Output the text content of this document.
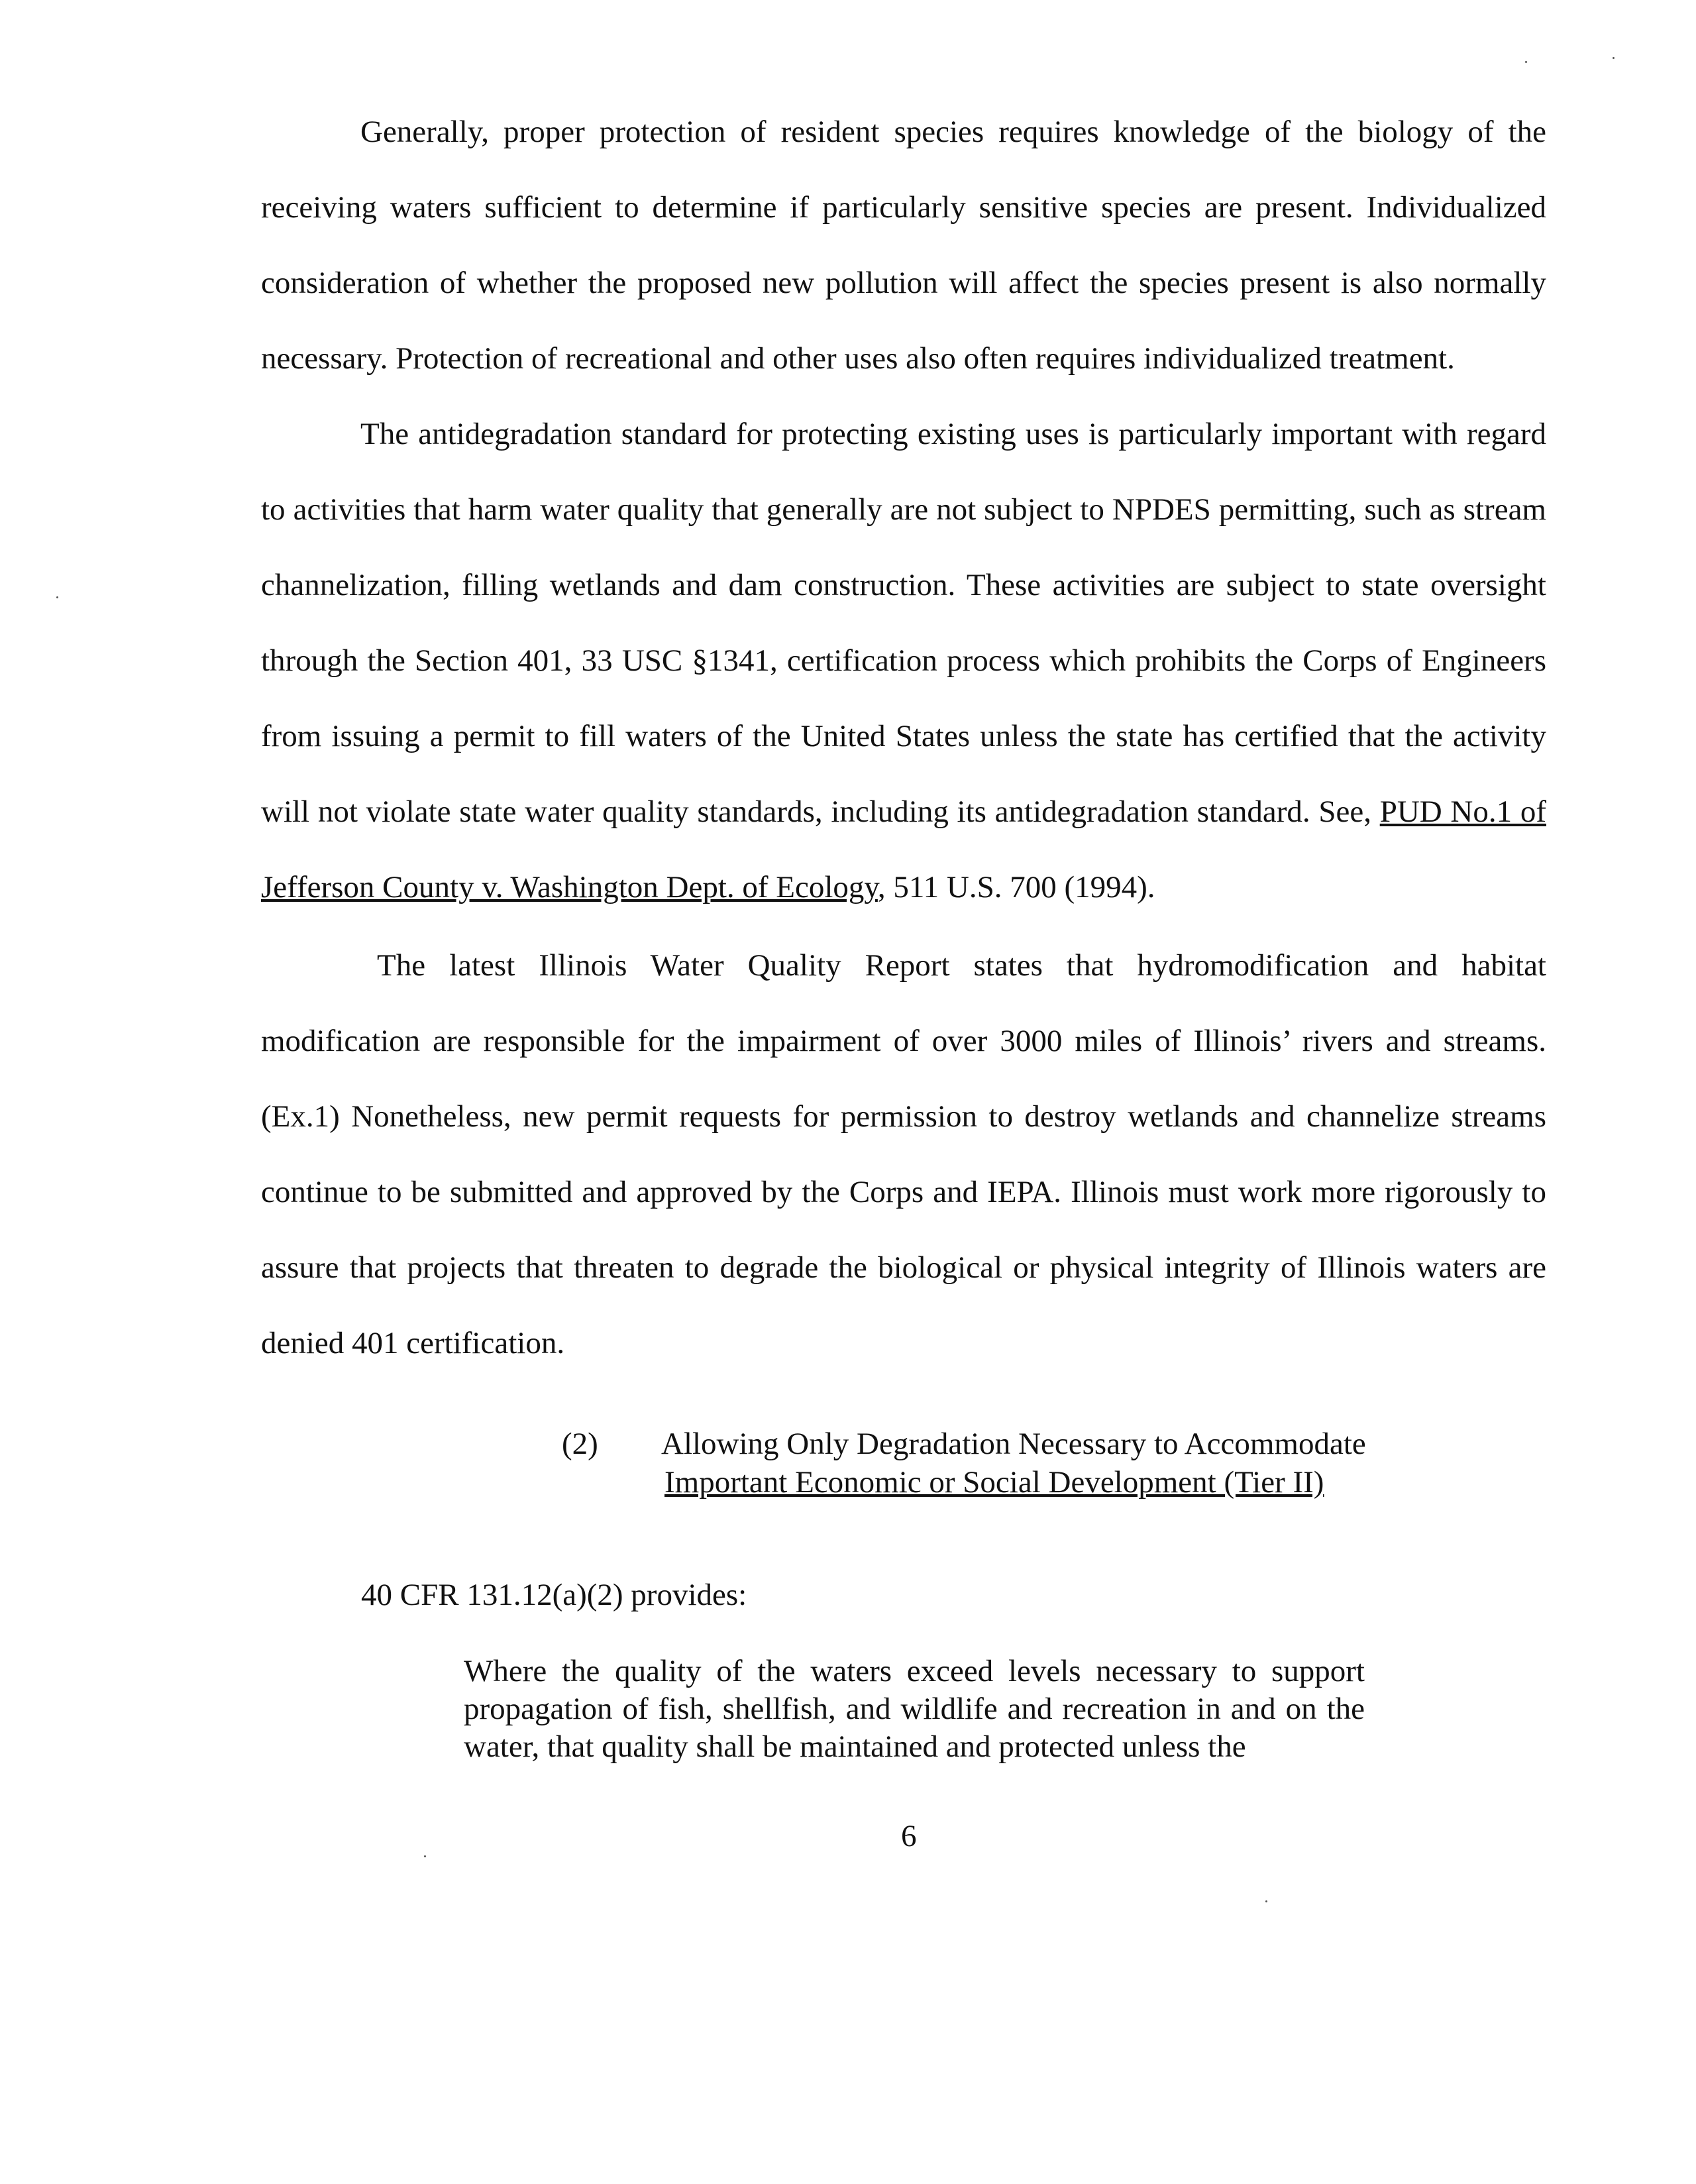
Generally, proper protection of resident species requires knowledge of the biology of the receiving waters sufficient to determine if particularly sensitive species are present. Individualized consideration of whether the proposed new pollution will affect the species present is also normally necessary. Protection of recreational and other uses also often requires individualized treatment.

The antidegradation standard for protecting existing uses is particularly important with regard to activities that harm water quality that generally are not subject to NPDES permitting, such as stream channelization, filling wetlands and dam construction. These activities are subject to state oversight through the Section 401, 33 USC §1341, certification process which prohibits the Corps of Engineers from issuing a permit to fill waters of the United States unless the state has certified that the activity will not violate state water quality standards, including its antidegradation standard. See, PUD No.1 of Jefferson County v. Washington Dept. of Ecology, 511 U.S. 700 (1994).

The latest Illinois Water Quality Report states that hydromodification and habitat modification are responsible for the impairment of over 3000 miles of Illinois’ rivers and streams. (Ex.1) Nonetheless, new permit requests for permission to destroy wetlands and channelize streams continue to be submitted and approved by the Corps and IEPA. Illinois must work more rigorously to assure that projects that threaten to degrade the biological or physical integrity of Illinois waters are denied 401 certification.

(2) Allowing Only Degradation Necessary to Accommodate
Important Economic or Social Development (Tier II)
40 CFR 131.12(a)(2) provides:

Where the quality of the waters exceed levels necessary to support propagation of fish, shellfish, and wildlife and recreation in and on the water, that quality shall be maintained and protected unless the

6
